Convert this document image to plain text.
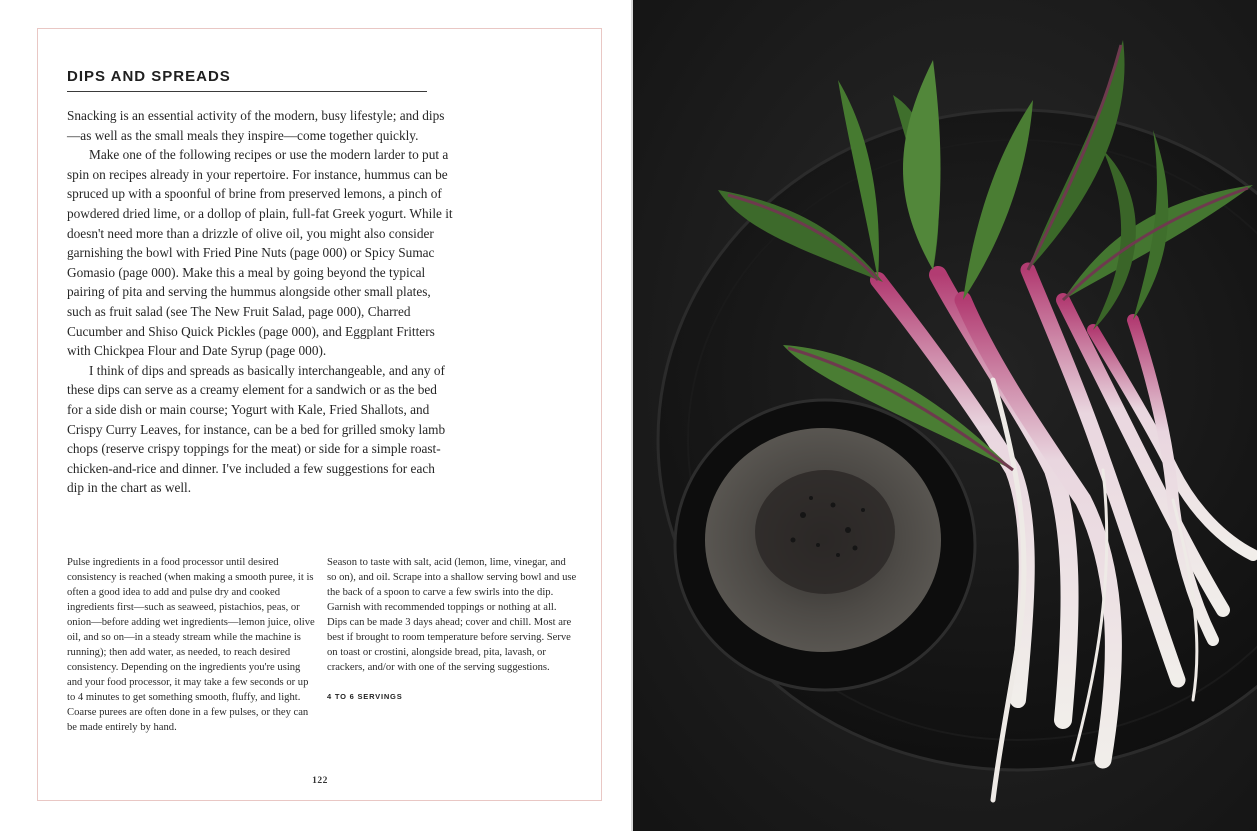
DIPS AND SPREADS

Snacking is an essential activity of the modern, busy lifestyle; and dips—as well as the small meals they inspire—come together quickly.

Make one of the following recipes or use the modern larder to put a spin on recipes already in your repertoire. For instance, hummus can be spruced up with a spoonful of brine from preserved lemons, a pinch of powdered dried lime, or a dollop of plain, full-fat Greek yogurt. While it doesn't need more than a drizzle of olive oil, you might also consider garnishing the bowl with Fried Pine Nuts (page 000) or Spicy Sumac Gomasio (page 000). Make this a meal by going beyond the typical pairing of pita and serving the hummus alongside other small plates, such as fruit salad (see The New Fruit Salad, page 000), Charred Cucumber and Shiso Quick Pickles (page 000), and Eggplant Fritters with Chickpea Flour and Date Syrup (page 000).

I think of dips and spreads as basically interchangeable, and any of these dips can serve as a creamy element for a sandwich or as the bed for a side dish or main course; Yogurt with Kale, Fried Shallots, and Crispy Curry Leaves, for instance, can be a bed for grilled smoky lamb chops (reserve crispy toppings for the meat) or side for a simple roast-chicken-and-rice and dinner. I've included a few suggestions for each dip in the chart as well.

Pulse ingredients in a food processor until desired consistency is reached (when making a smooth puree, it is often a good idea to add and pulse dry and cooked ingredients first—such as seaweed, pistachios, peas, or onion—before adding wet ingredients—lemon juice, olive oil, and so on—in a steady stream while the machine is running); then add water, as needed, to reach desired consistency. Depending on the ingredients you're using and your food processor, it may take a few seconds or up to 4 minutes to get something smooth, fluffy, and light. Coarse purees are often done in a few pulses, or they can be made entirely by hand.

Season to taste with salt, acid (lemon, lime, vinegar, and so on), and oil. Scrape into a shallow serving bowl and use the back of a spoon to carve a few swirls into the dip. Garnish with recommended toppings or nothing at all. Dips can be made 3 days ahead; cover and chill. Most are best if brought to room temperature before serving. Serve on toast or crostini, alongside bread, pita, lavash, or crackers, and/or with one of the serving suggestions.

4 TO 6 SERVINGS

122
